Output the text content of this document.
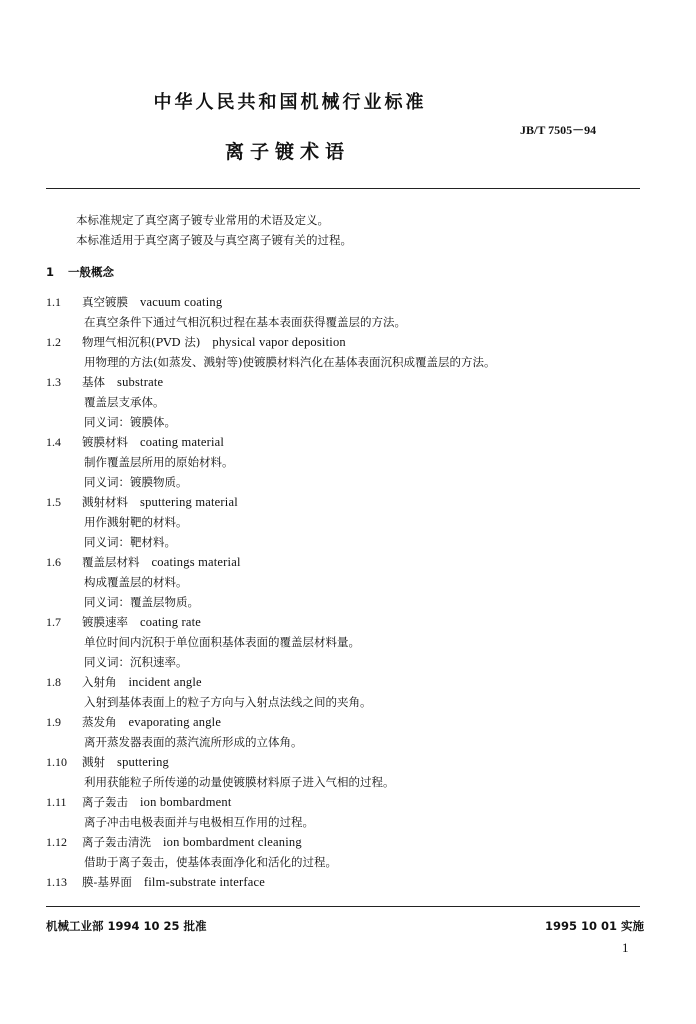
中华人民共和国机械行业标准
JB/T 7505－94
离子镀术语
本标准规定了真空离子镀专业常用的术语及定义。
本标准适用于真空离子镀及与真空离子镀有关的过程。
1 一般概念
1.1 真空镀膜 vacuum coating
在真空条件下通过气相沉积过程在基本表面获得覆盖层的方法。
1.2 物理气相沉积(PVD 法) physical vapor deposition
用物理的方法(如蒸发、溅射等)使镀膜材料汽化在基体表面沉积成覆盖层的方法。
1.3 基体 substrate
覆盖层支承体。
同义词：镀膜体。
1.4 镀膜材料 coating material
制作覆盖层所用的原始材料。
同义词：镀膜物质。
1.5 溅射材料 sputtering material
用作溅射靶的材料。
同义词：靶材料。
1.6 覆盖层材料 coatings material
构成覆盖层的材料。
同义词：覆盖层物质。
1.7 镀膜速率 coating rate
单位时间内沉积于单位面积基体表面的覆盖层材料量。
同义词：沉积速率。
1.8 入射角 incident angle
入射到基体表面上的粒子方向与入射点法线之间的夹角。
1.9 蒸发角 evaporating angle
离开蒸发器表面的蒸汽流所形成的立体角。
1.10 溅射 sputtering
利用获能粒子所传递的动量使镀膜材料原子进入气相的过程。
1.11 离子轰击 ion bombardment
离子冲击电极表面并与电极相互作用的过程。
1.12 离子轰击清洗 ion bombardment cleaning
借助于离子轰击，使基体表面净化和活化的过程。
1.13 膜-基界面 film-substrate interface
机械工业部 1994 10 25 批准	1995 10 01 实施
1
